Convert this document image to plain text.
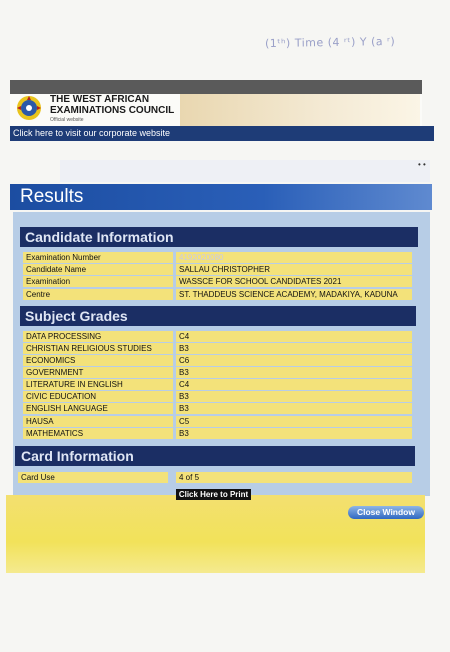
(1ᵗʰ) Time (4 ʳᵗ) Y (a ʳ)
THE WEST AFRICAN EXAMINATIONS COUNCIL
Official website
Click here to visit our corporate website
• •
Results
Candidate Information
Examination Number	4192020080
Candidate Name	SALLAU CHRISTOPHER
Examination	WASSCE FOR SCHOOL CANDIDATES 2021
Centre	ST. THADDEUS SCIENCE ACADEMY, MADAKIYA, KADUNA
Subject Grades
DATA PROCESSING	C4
CHRISTIAN RELIGIOUS STUDIES	B3
ECONOMICS	C6
GOVERNMENT	B3
LITERATURE IN ENGLISH	C4
CIVIC EDUCATION	B3
ENGLISH LANGUAGE	B3
HAUSA	C5
MATHEMATICS	B3
Card Information
Card Use	4 of 5
Click Here to Print
Close Window
